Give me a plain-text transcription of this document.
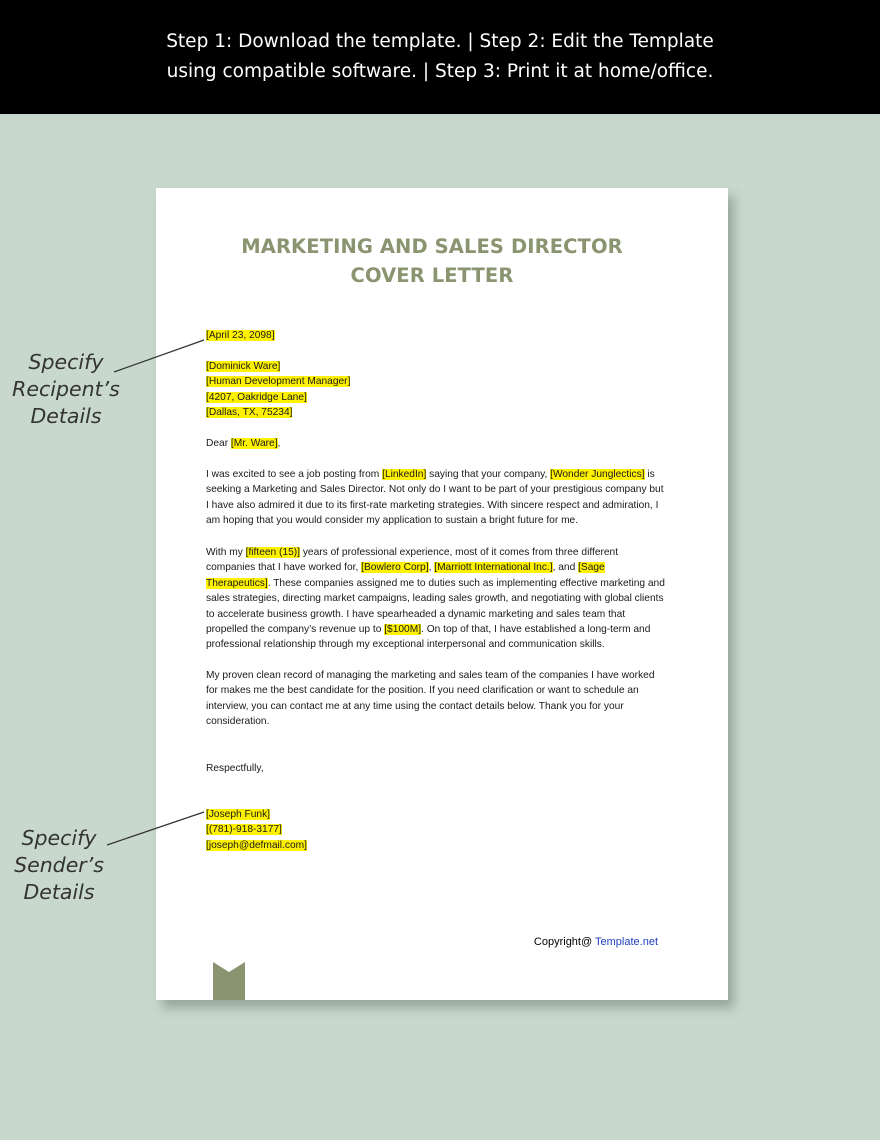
Step 1: Download the template. | Step 2: Edit the Template
using compatible software. | Step 3: Print it at home/office.
MARKETING AND SALES DIRECTOR
COVER LETTER
[April 23, 2098]
[Dominick Ware]
[Human Development Manager]
[4207, Oakridge Lane]
[Dallas, TX, 75234]
Dear [Mr. Ware],
I was excited to see a job posting from [LinkedIn] saying that your company, [Wonder Junglectics] is seeking a Marketing and Sales Director. Not only do I want to be part of your prestigious company but I have also admired it due to its first-rate marketing strategies. With sincere respect and admiration, I am hoping that you would consider my application to sustain a bright future for me.
With my [fifteen (15)] years of professional experience, most of it comes from three different companies that I have worked for, [Bowlero Corp], [Marriott International Inc.], and [Sage Therapeutics]. These companies assigned me to duties such as implementing effective marketing and sales strategies, directing market campaigns, leading sales growth, and negotiating with global clients to accelerate business growth. I have spearheaded a dynamic marketing and sales team that propelled the company’s revenue up to [$100M]. On top of that, I have established a long-term and professional relationship through my exceptional interpersonal and communication skills.
My proven clean record of managing the marketing and sales team of the companies I have worked for makes me the best candidate for the position. If you need clarification or want to schedule an interview, you can contact me at any time using the contact details below. Thank you for your consideration.
Respectfully,
[Joseph Funk]
[(781)-918-3177]
[joseph@defmail.com]
Copyright@ Template.net
Specify
Recipent’s
Details
Specify
Sender’s
Details
